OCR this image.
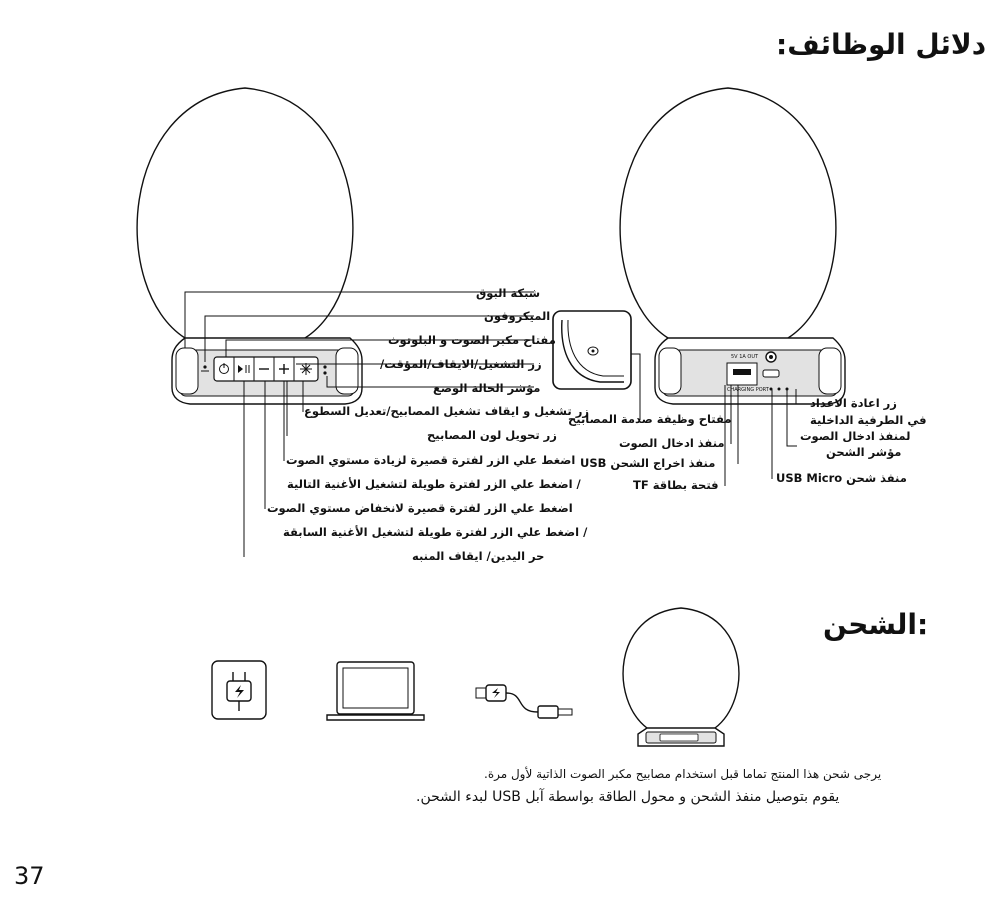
دلائل الوظائف:
شبكة البوق
الميكروفون
مفتاح مكبر الصوت و البلوتوث
زر التشغيل/الايقاف/المؤقت/
مؤشر الحالة الوضع
زر تشغيل و ايقاف تشغيل المصابيح/تعديل السطوع
زر تحويل لون المصابيح
اضغط علي الزر لفترة قصيرة لزيادة مستوي الصوت
/ اضغط علي الزر لفترة طويلة لتشغيل الأغنية التالية
اضغط علي الزر لفترة قصيرة لانخفاض مستوي الصوت
/ اضغط علي الزر لفترة طويلة لتشغيل الأغنية السابقة
حر اليدين/ ايقاف المنبه
مفتاح وظيفة صدمة المصابيح
منفذ ادخال الصوت
منفذ اخراج الشحن USB
فتحة بطاقة TF
زر اعادة الاعداد
في الطرفية الداخلية
لمنفذ ادخال الصوت
مؤشر الشحن
منفذ شحن USB Micro
5V 1A OUT
CHARGING PORT
:الشحن
يرجى شحن هذا المنتج تماما قبل استخدام مصابيح مكبر الصوت الذاتية لأول مرة.
يقوم بتوصيل منفذ الشحن و محول الطاقة بواسطة آبل USB لبدء الشحن.
37
